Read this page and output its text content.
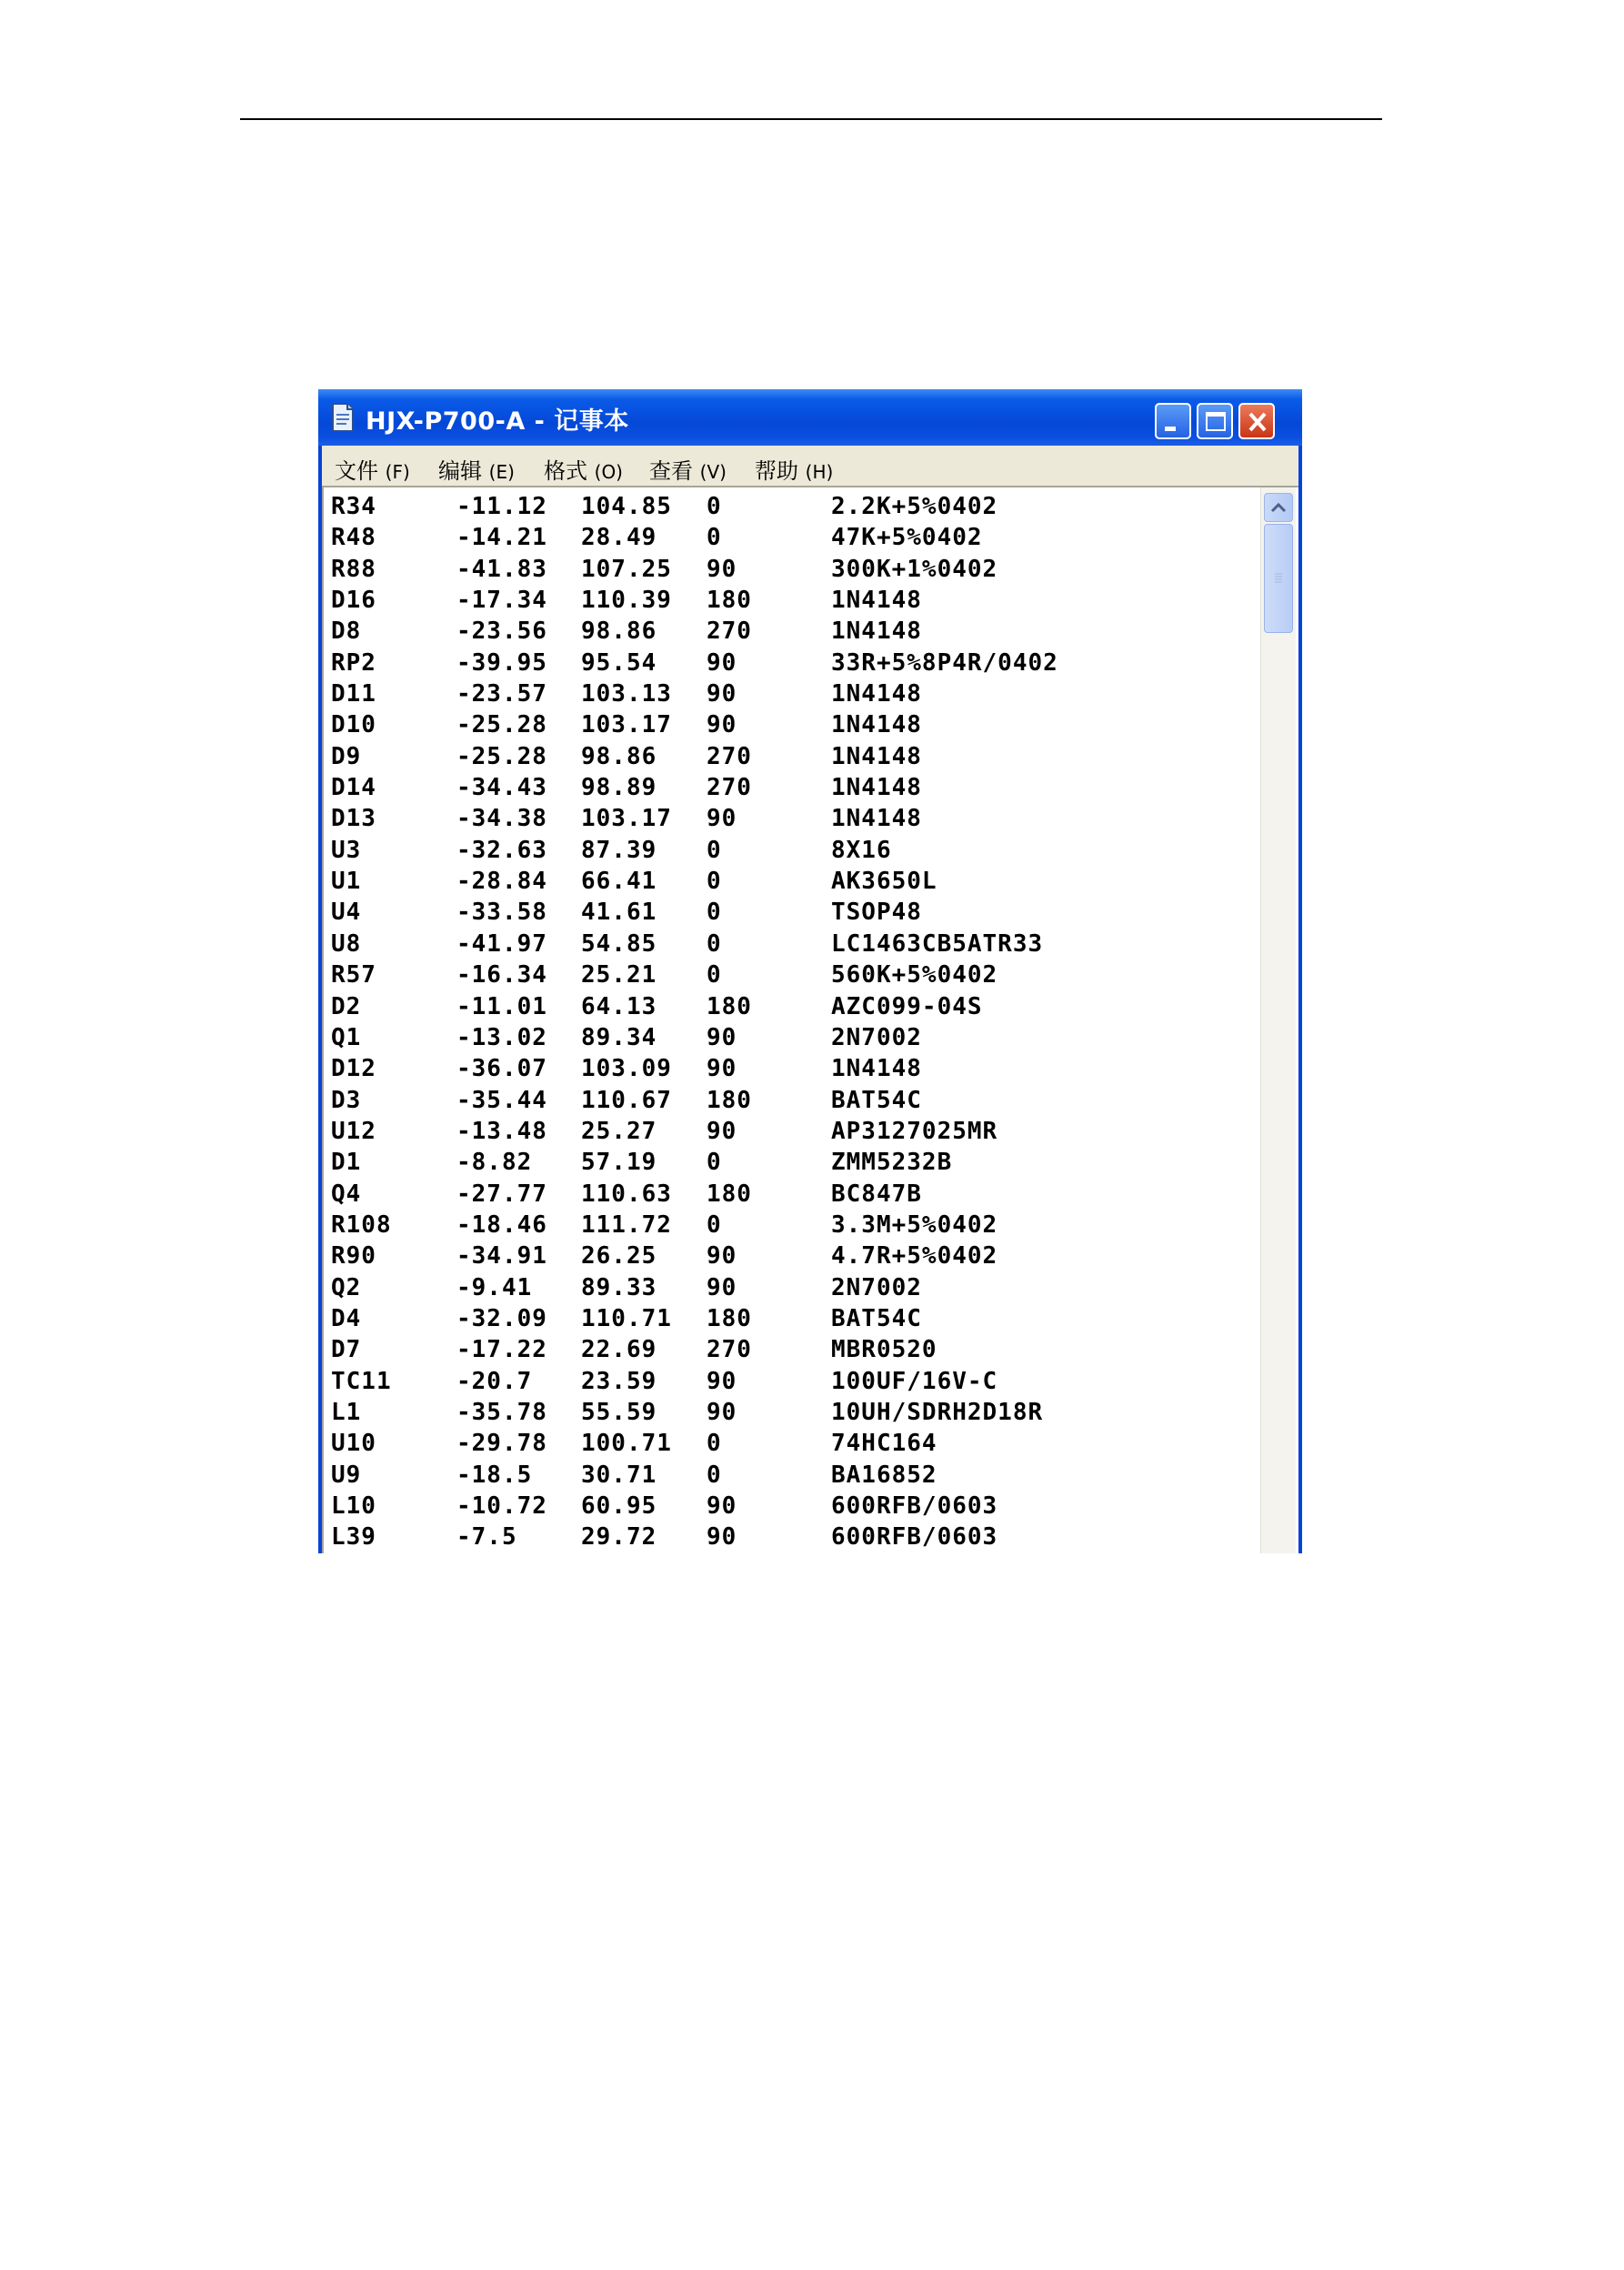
HJX-P700-A - 记事本
文件 (F) 编辑 (E) 格式 (O) 查看 (V) 帮助 (H)
R34	-11.12 104.85 0	2.2K+5%0402
R48	-14.21 28.49 0	47K+5%0402
R88	-41.83 107.25 90	300K+1%0402
D16	-17.34 110.39 180	1N4148
D8	-23.56 98.86 270	1N4148
RP2	-39.95 95.54 90	33R+5%8P4R/0402
D11	-23.57 103.13 90	1N4148
D10	-25.28 103.17 90	1N4148
D9	-25.28 98.86 270	1N4148
D14	-34.43 98.89 270	1N4148
D13	-34.38 103.17 90	1N4148
U3	-32.63 87.39 0	8X16
U1	-28.84 66.41 0	AK3650L
U4	-33.58 41.61 0	TSOP48
U8	-41.97 54.85 0	LC1463CB5ATR33
R57	-16.34 25.21 0	560K+5%0402
D2	-11.01 64.13 180	AZC099-04S
Q1	-13.02 89.34 90	2N7002
D12	-36.07 103.09 90	1N4148
D3	-35.44 110.67 180	BAT54C
U12	-13.48 25.27 90	AP3127025MR
D1	-8.82 57.19 0	ZMM5232B
Q4	-27.77 110.63 180	BC847B
R108	-18.46 111.72 0	3.3M+5%0402
R90	-34.91 26.25 90	4.7R+5%0402
Q2	-9.41 89.33 90	2N7002
D4	-32.09 110.71 180	BAT54C
D7	-17.22 22.69 270	MBR0520
TC11	-20.7 23.59 90	100UF/16V-C
L1	-35.78 55.59 90	10UH/SDRH2D18R
U10	-29.78 100.71 0	74HC164
U9	-18.5 30.71 0	BA16852
L10	-10.72 60.95 90	600RFB/0603
L39	-7.5	29.72 90	600RFB/0603
